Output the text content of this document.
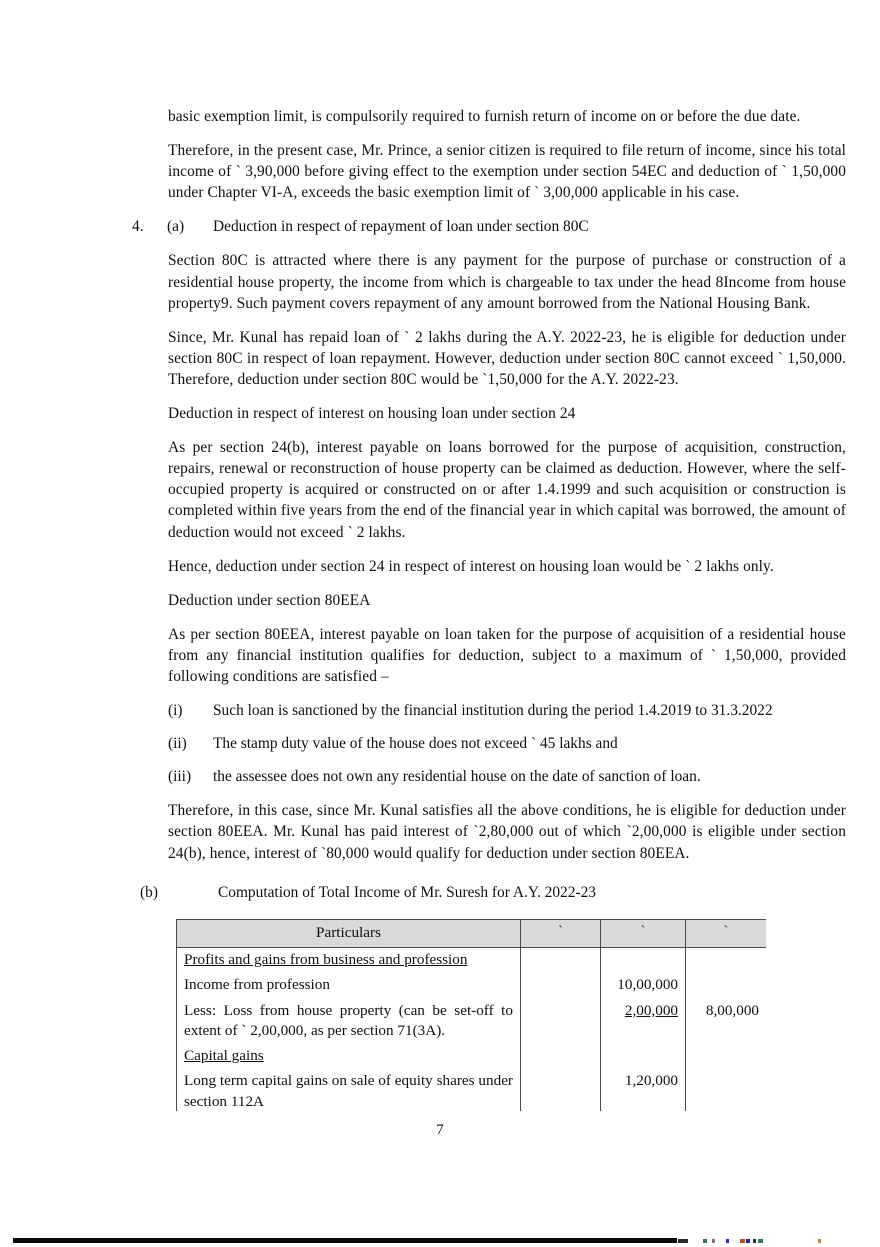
basic exemption limit, is compulsorily required to furnish return of income on or before the due date.

Therefore, in the present case, Mr. Prince, a senior citizen is required to file return of income, since his total income of ` 3,90,000 before giving effect to the exemption under section 54EC and deduction of ` 1,50,000 under Chapter VI-A, exceeds the basic exemption limit of ` 3,00,000 applicable in his case.

4. (a) Deduction in respect of repayment of loan under section 80C

Section 80C is attracted where there is any payment for the purpose of purchase or construction of a residential house property, the income from which is chargeable to tax under the head 8Income from house property9. Such payment covers repayment of any amount borrowed from the National Housing Bank.

Since, Mr. Kunal has repaid loan of ` 2 lakhs during the A.Y. 2022-23, he is eligible for deduction under section 80C in respect of loan repayment. However, deduction under section 80C cannot exceed ` 1,50,000. Therefore, deduction under section 80C would be `1,50,000 for the A.Y. 2022-23.

Deduction in respect of interest on housing loan under section 24

As per section 24(b), interest payable on loans borrowed for the purpose of acquisition, construction, repairs, renewal or reconstruction of house property can be claimed as deduction. However, where the self-occupied property is acquired or constructed on or after 1.4.1999 and such acquisition or construction is completed within five years from the end of the financial year in which capital was borrowed, the amount of deduction would not exceed ` 2 lakhs.

Hence, deduction under section 24 in respect of interest on housing loan would be ` 2 lakhs only.

Deduction under section 80EEA

As per section 80EEA, interest payable on loan taken for the purpose of acquisition of a residential house from any financial institution qualifies for deduction, subject to a maximum of ` 1,50,000, provided following conditions are satisfied –

(i) Such loan is sanctioned by the financial institution during the period 1.4.2019 to 31.3.2022
(ii) The stamp duty value of the house does not exceed ` 45 lakhs and
(iii) the assessee does not own any residential house on the date of sanction of loan.

Therefore, in this case, since Mr. Kunal satisfies all the above conditions, he is eligible for deduction under section 80EEA. Mr. Kunal has paid interest of `2,80,000 out of which `2,00,000 is eligible under section 24(b), hence, interest of `80,000 would qualify for deduction under section 80EEA.

(b)	Computation of Total Income of Mr. Suresh for A.Y. 2022-23
Particulars	`	`	`
Profits and gains from business and profession			
Income from profession		10,00,000	

Less: Loss from house property (can be set-off to extent of ` 2,00,000, as per section 71(3A).		2,00,000	8,00,000
Capital gains			

Long term capital gains on sale of equity shares under section 112A		1,20,000	
7
